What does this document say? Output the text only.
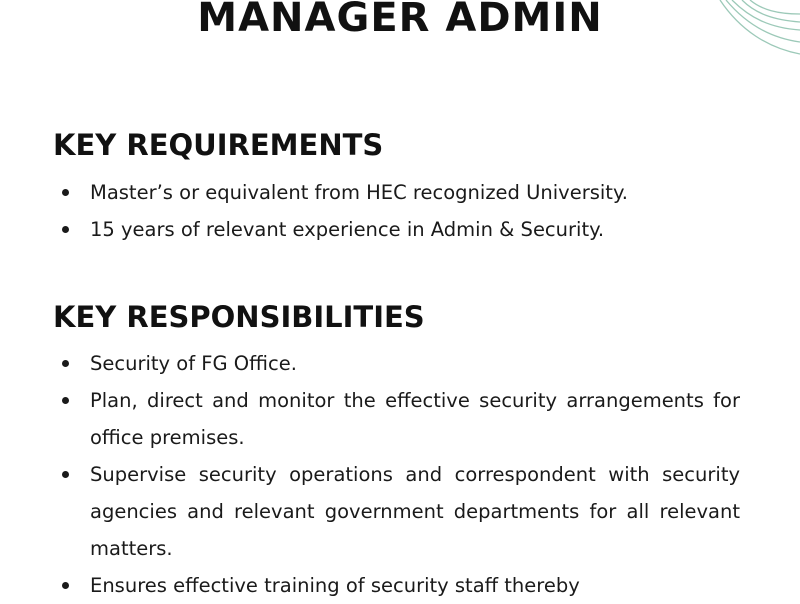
MANAGER ADMIN
KEY REQUIREMENTS
Master’s or equivalent from HEC recognized University.
15 years of relevant experience in Admin & Security.
KEY RESPONSIBILITIES
Security of FG Office.
Plan, direct and monitor the effective security arrangements for office premises.
Supervise security operations and correspondent with security agencies and relevant government departments for all relevant matters.
Ensures effective training of security staff thereby
